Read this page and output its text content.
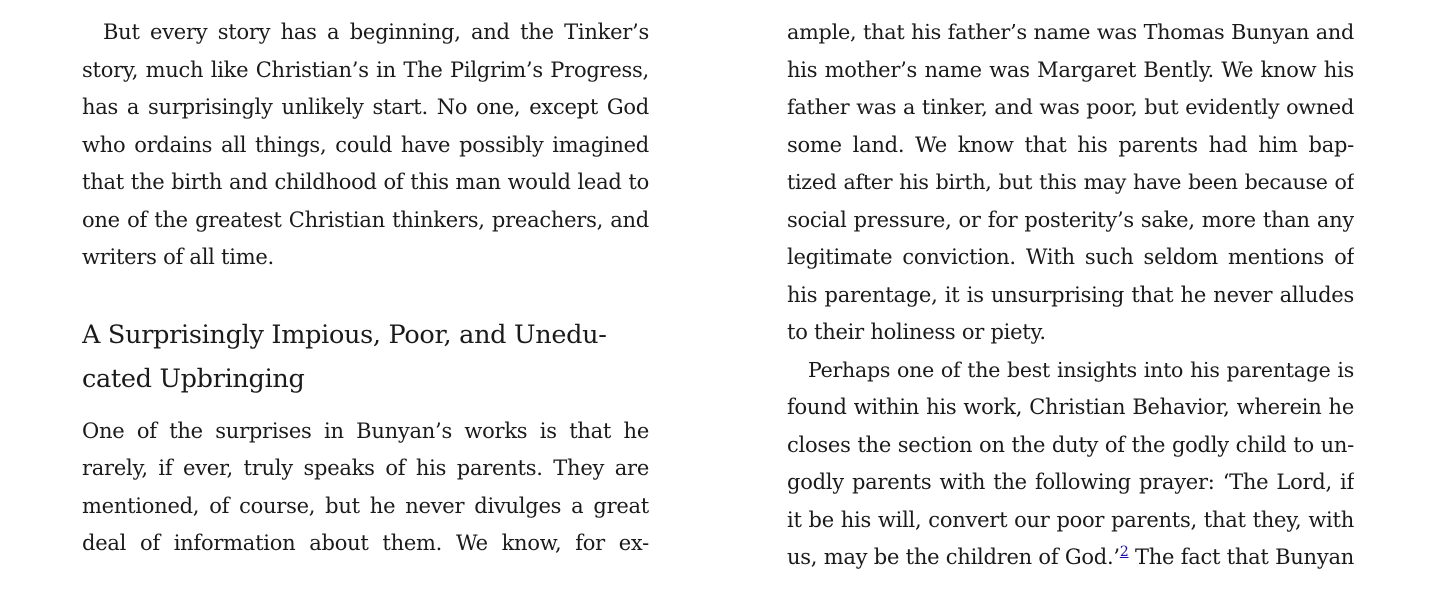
But every story has a beginning, and the Tinker’s
story, much like Christian’s in The Pilgrim’s Progress,
has a surprisingly unlikely start. No one, except God
who ordains all things, could have possibly imagined
that the birth and childhood of this man would lead to
one of the greatest Christian thinkers, preachers, and
writers of all time.
A Surprisingly Impious, Poor, and Unedu-
cated Upbringing
One of the surprises in Bunyan’s works is that he
rarely, if ever, truly speaks of his parents. They are
mentioned, of course, but he never divulges a great
deal of information about them. We know, for ex-
ample, that his father’s name was Thomas Bunyan and
his mother’s name was Margaret Bently. We know his
father was a tinker, and was poor, but evidently owned
some land. We know that his parents had him bap-
tized after his birth, but this may have been because of
social pressure, or for posterity’s sake, more than any
legitimate conviction. With such seldom mentions of
his parentage, it is unsurprising that he never alludes
to their holiness or piety.
Perhaps one of the best insights into his parentage is
found within his work, Christian Behavior, wherein he
closes the section on the duty of the godly child to un-
godly parents with the following prayer: ‘The Lord, if
it be his will, convert our poor parents, that they, with
us, may be the children of God.’$^2$ The fact that Bunyan
